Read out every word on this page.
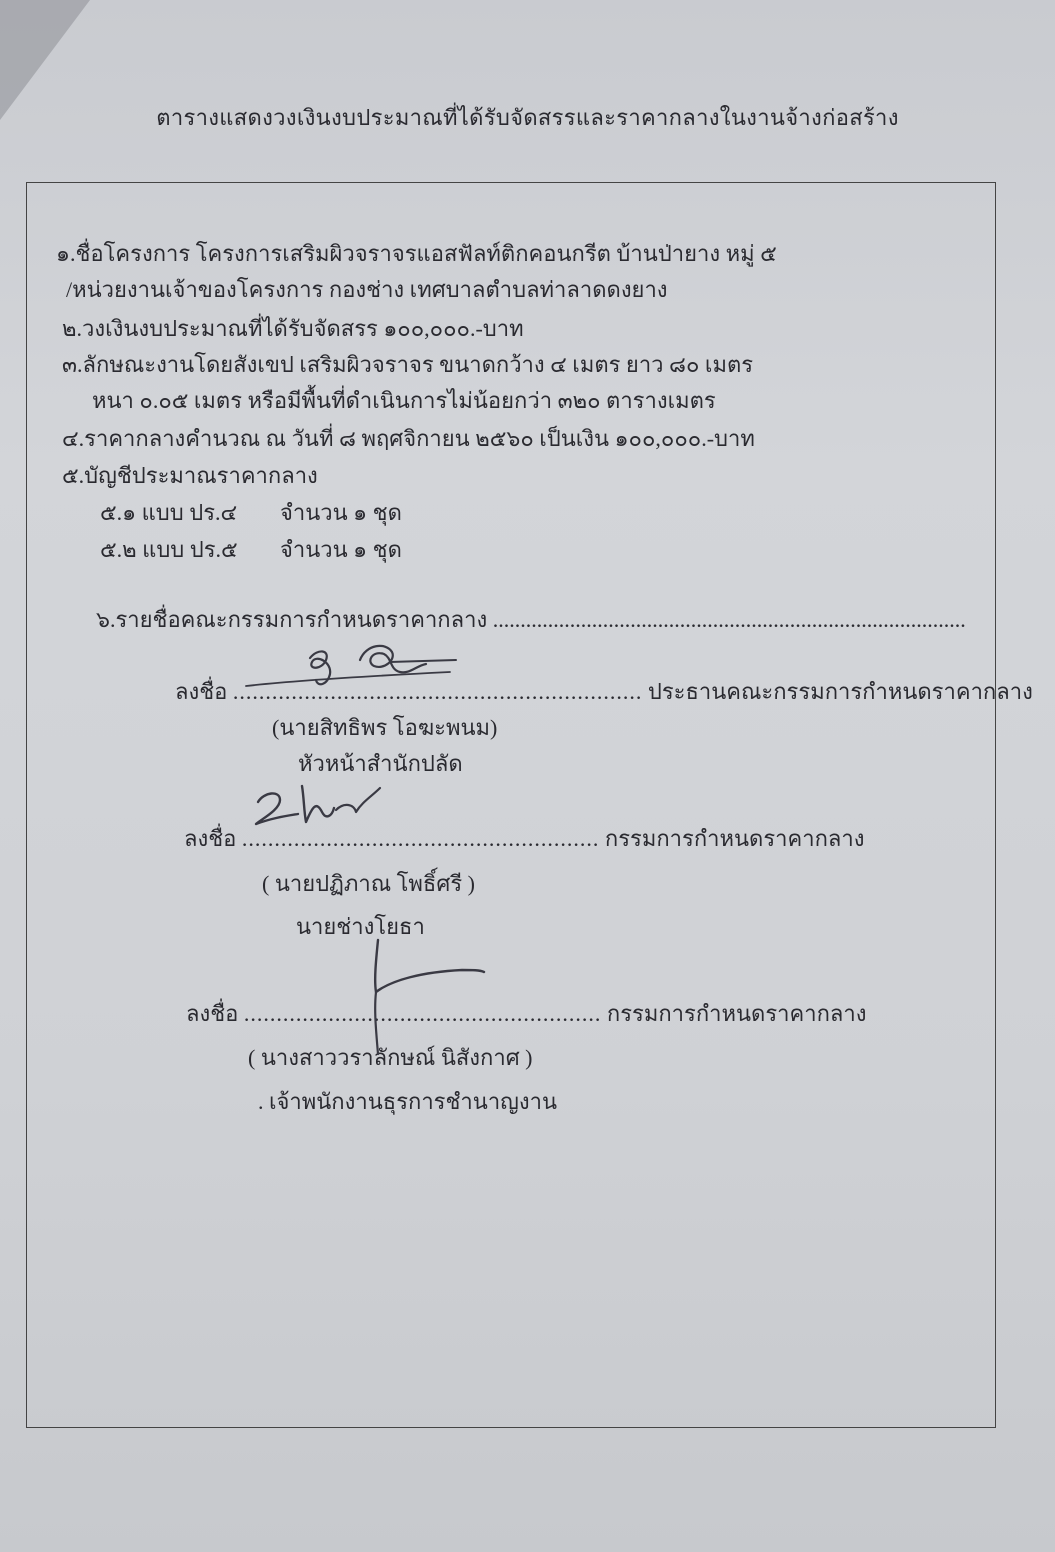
ตารางแสดงวงเงินงบประมาณที่ได้รับจัดสรรและราคากลางในงานจ้างก่อสร้าง
๑.ชื่อโครงการ โครงการเสริมผิวจราจรแอสฟัลท์ติกคอนกรีต บ้านป่ายาง หมู่ ๕
/หน่วยงานเจ้าของโครงการ กองช่าง เทศบาลตำบลท่าลาดดงยาง
๒.วงเงินงบประมาณที่ได้รับจัดสรร ๑๐๐,๐๐๐.-บาท
๓.ลักษณะงานโดยสังเขป เสริมผิวจราจร ขนาดกว้าง ๔ เมตร ยาว ๘๐ เมตร
หนา ๐.๐๕ เมตร หรือมีพื้นที่ดำเนินการไม่น้อยกว่า ๓๒๐ ตารางเมตร
๔.ราคากลางคำนวณ ณ วันที่ ๘ พฤศจิกายน ๒๕๖๐ เป็นเงิน ๑๐๐,๐๐๐.-บาท
๕.บัญชีประมาณราคากลาง
๕.๑ แบบ ปร.๔ จำนวน ๑ ชุด
๕.๒ แบบ ปร.๕ จำนวน ๑ ชุด
๖.รายชื่อคณะกรรมการกำหนดราคากลาง ......................................................................................
ลงชื่อ ............................................................... ประธานคณะกรรมการกำหนดราคากลาง
(นายสิทธิพร โอฆะพนม)
หัวหน้าสำนักปลัด
ลงชื่อ ....................................................... กรรมการกำหนดราคากลาง
( นายปฏิภาณ โพธิ์ศรี )
นายช่างโยธา
ลงชื่อ ....................................................... กรรมการกำหนดราคากลาง
( นางสาววราลักษณ์ นิสังกาศ )
. เจ้าพนักงานธุรการชำนาญงาน
